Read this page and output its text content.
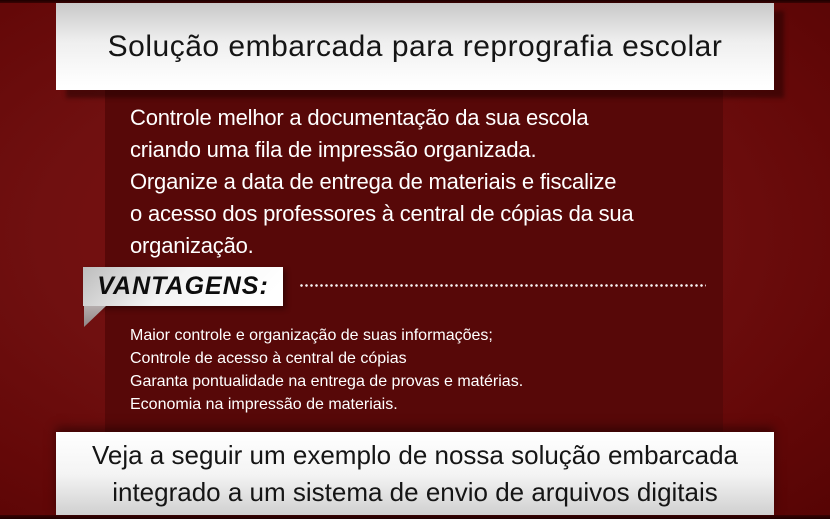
Solução embarcada para reprografia escolar
Controle melhor a documentação da sua escola
criando uma fila de impressão organizada.
Organize a data de entrega de materiais e fiscalize
o acesso dos professores à central de cópias da sua
organização.
Maior controle e organização de suas informações;
Controle de acesso à central de cópias
Garanta pontualidade na entrega de provas e matérias.
Economia na impressão de materiais.
VANTAGENS:
Veja a seguir um exemplo de nossa solução embarcada
integrado a um sistema de envio de arquivos digitais
